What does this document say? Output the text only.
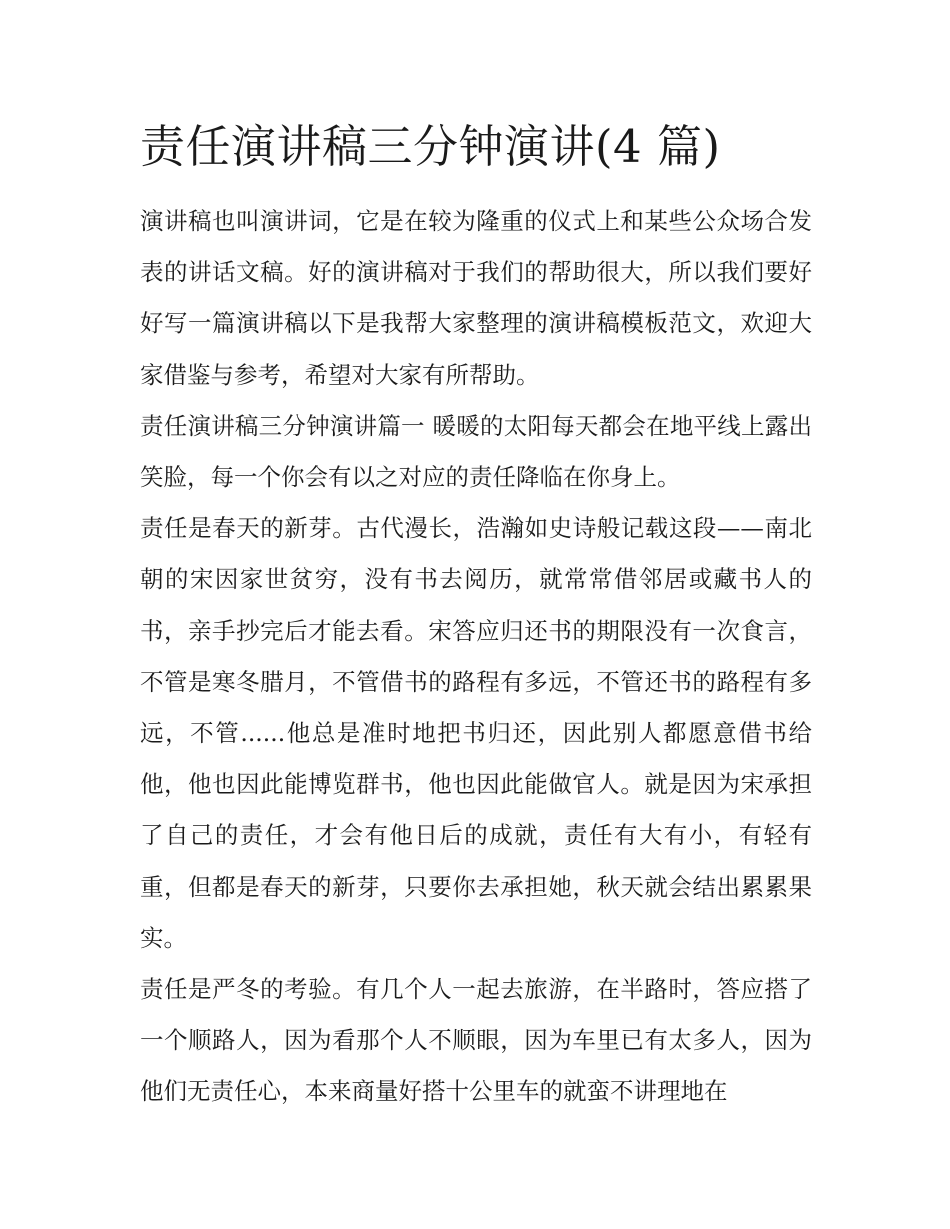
责任演讲稿三分钟演讲(4 篇)

演讲稿也叫演讲词，它是在较为隆重的仪式上和某些公众场合发表的讲话文稿。好的演讲稿对于我们的帮助很大，所以我们要好好写一篇演讲稿以下是我帮大家整理的演讲稿模板范文，欢迎大家借鉴与参考，希望对大家有所帮助。

责任演讲稿三分钟演讲篇一 暖暖的太阳每天都会在地平线上露出笑脸，每一个你会有以之对应的责任降临在你身上。

责任是春天的新芽。古代漫长，浩瀚如史诗般记载这段——南北朝的宋因家世贫穷，没有书去阅历，就常常借邻居或藏书人的书，亲手抄完后才能去看。宋答应归还书的期限没有一次食言，不管是寒冬腊月，不管借书的路程有多远，不管还书的路程有多远，不管......他总是准时地把书归还，因此别人都愿意借书给他，他也因此能博览群书，他也因此能做官人。就是因为宋承担了自己的责任，才会有他日后的成就，责任有大有小，有轻有重，但都是春天的新芽，只要你去承担她，秋天就会结出累累果实。

责任是严冬的考验。有几个人一起去旅游，在半路时，答应搭了一个顺路人，因为看那个人不顺眼，因为车里已有太多人，因为他们无责任心，本来商量好搭十公里车的就蛮不讲理地在
